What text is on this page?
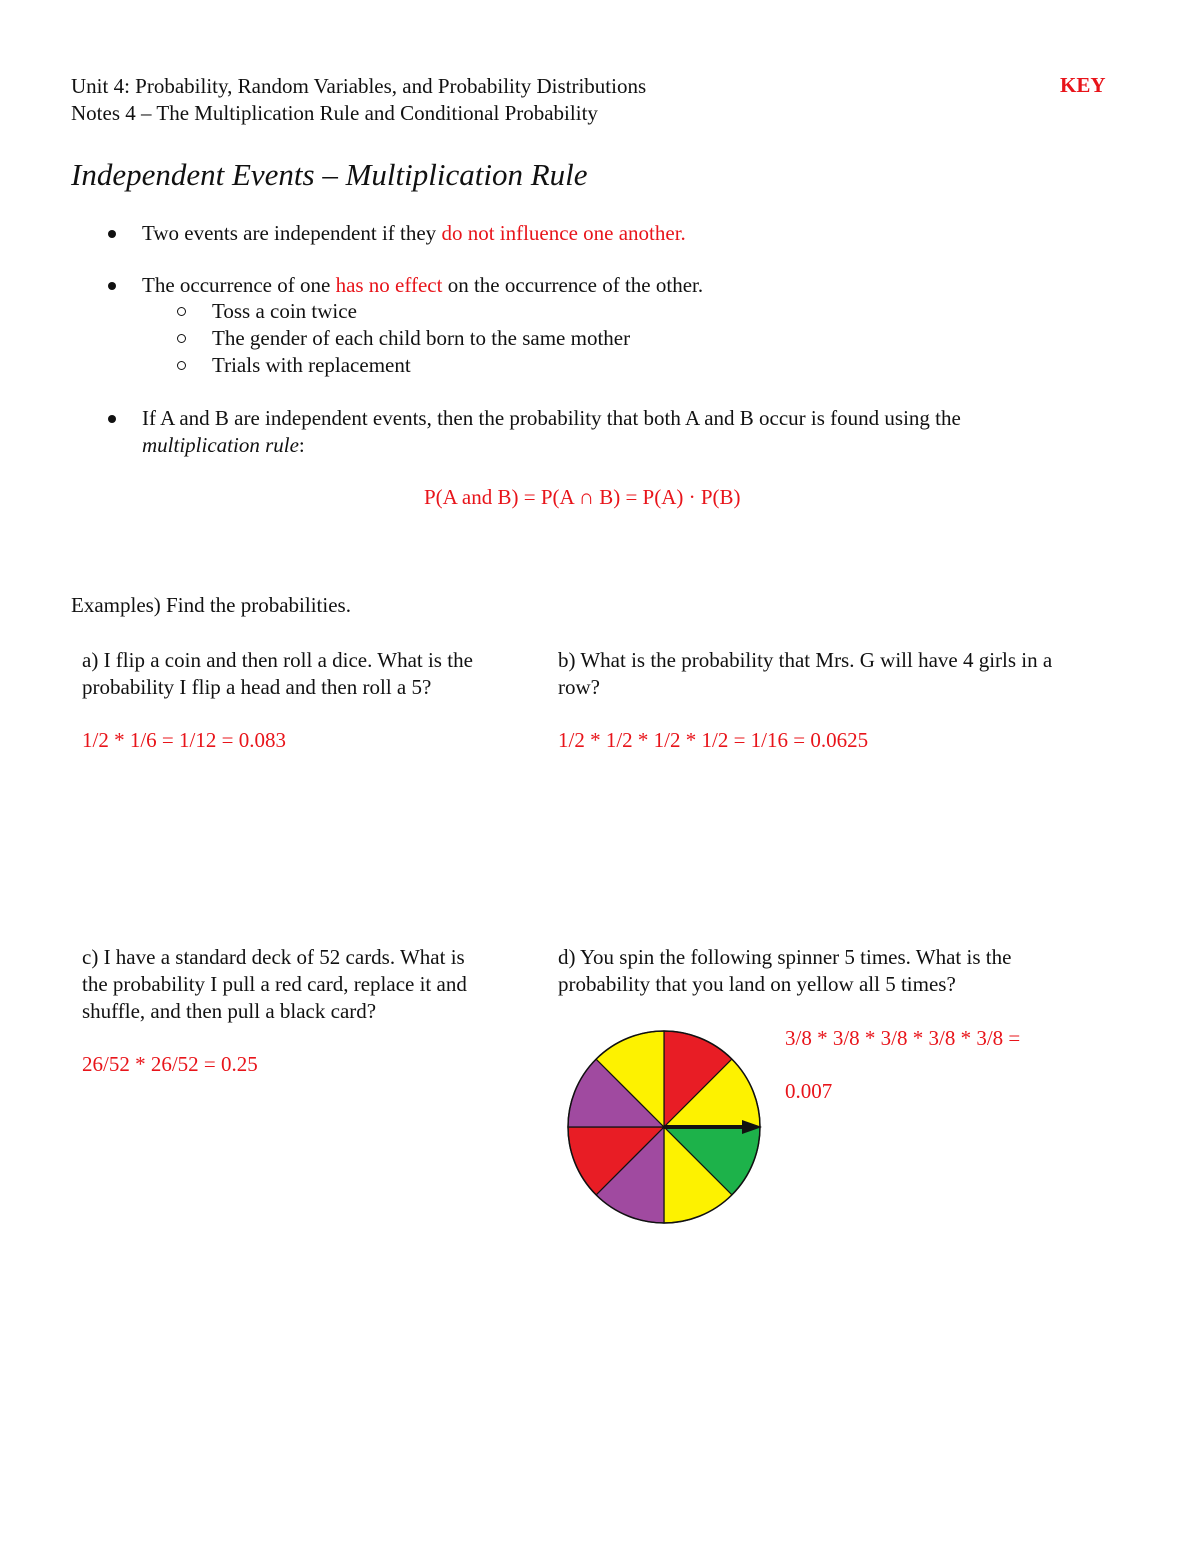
Unit 4: Probability, Random Variables, and Probability Distributions
Notes 4 – The Multiplication Rule and Conditional Probability
KEY
Independent Events – Multiplication Rule
Two events are independent if they do not influence one another.
The occurrence of one has no effect on the occurrence of the other.
Toss a coin twice
The gender of each child born to the same mother
Trials with replacement
If A and B are independent events, then the probability that both A and B occur is found using the
multiplication rule:
P(A and B) = P(A ∩ B) = P(A) · P(B)
Examples) Find the probabilities.
a) I flip a coin and then roll a dice. What is the
probability I flip a head and then roll a 5?
1/2 * 1/6 = 1/12 = 0.083
b) What is the probability that Mrs. G will have 4 girls in a
row?
1/2 * 1/2 * 1/2 * 1/2 = 1/16 = 0.0625
c) I have a standard deck of 52 cards. What is
the probability I pull a red card, replace it and
shuffle, and then pull a black card?
26/52 * 26/52 = 0.25
d) You spin the following spinner 5 times. What is the
probability that you land on yellow all 5 times?
3/8 * 3/8 * 3/8 * 3/8 * 3/8 =
0.007
